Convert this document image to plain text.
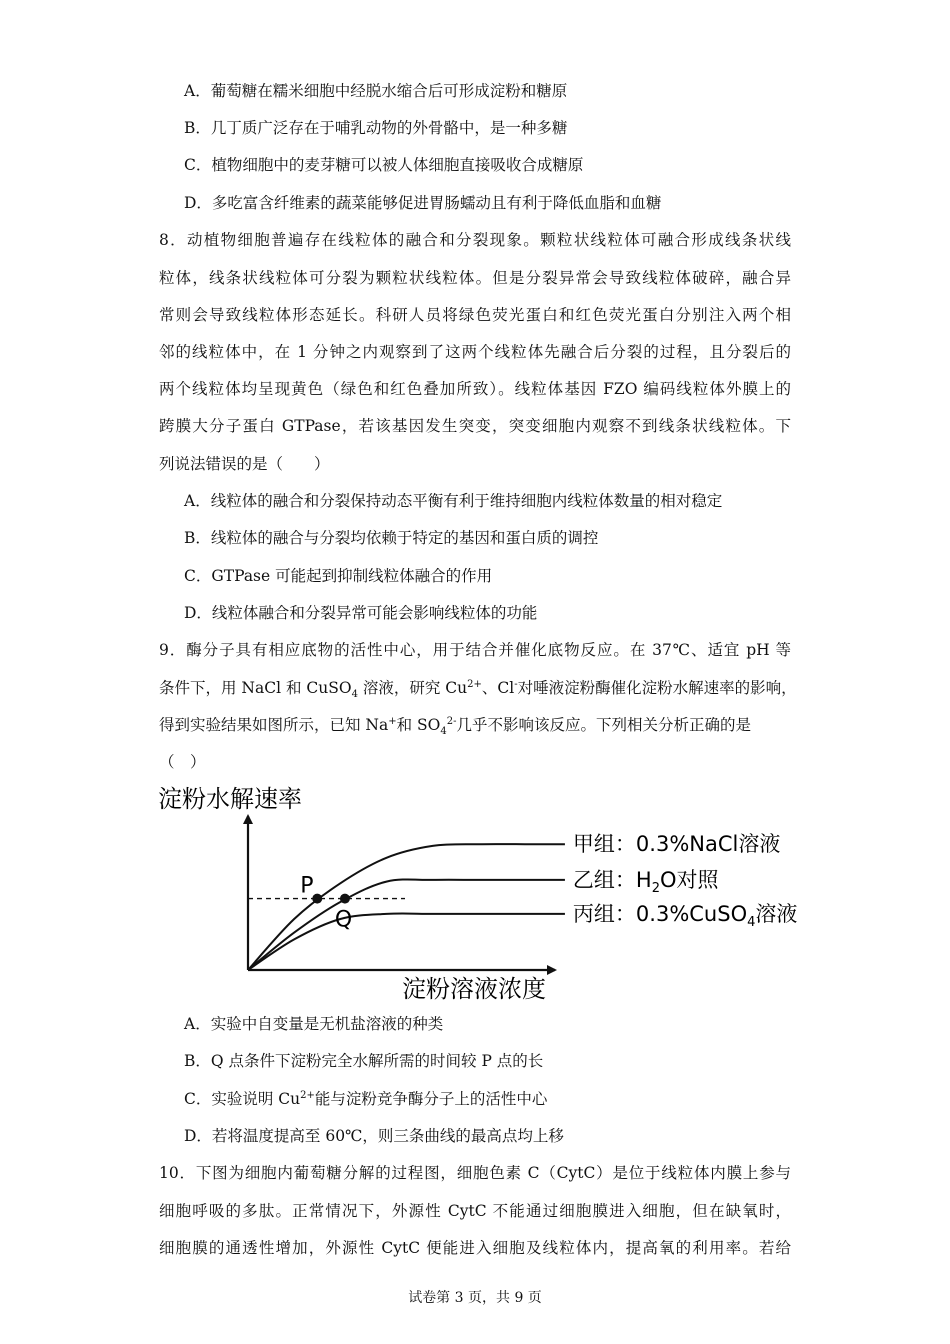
A．葡萄糖在糯米细胞中经脱水缩合后可形成淀粉和糖原
B．几丁质广泛存在于哺乳动物的外骨骼中，是一种多糖
C．植物细胞中的麦芽糖可以被人体细胞直接吸收合成糖原
D．多吃富含纤维素的蔬菜能够促进胃肠蠕动且有利于降低血脂和血糖
8．动植物细胞普遍存在线粒体的融合和分裂现象。颗粒状线粒体可融合形成线条状线
粒体，线条状线粒体可分裂为颗粒状线粒体。但是分裂异常会导致线粒体破碎，融合异
常则会导致线粒体形态延长。科研人员将绿色荧光蛋白和红色荧光蛋白分别注入两个相
邻的线粒体中，在 1 分钟之内观察到了这两个线粒体先融合后分裂的过程，且分裂后的
两个线粒体均呈现黄色（绿色和红色叠加所致）。线粒体基因 FZO 编码线粒体外膜上的
跨膜大分子蛋白 GTPase，若该基因发生突变，突变细胞内观察不到线条状线粒体。下
列说法错误的是（　　）
A．线粒体的融合和分裂保持动态平衡有利于维持细胞内线粒体数量的相对稳定
B．线粒体的融合与分裂均依赖于特定的基因和蛋白质的调控
C．GTPase 可能起到抑制线粒体融合的作用
D．线粒体融合和分裂异常可能会影响线粒体的功能
9．酶分子具有相应底物的活性中心，用于结合并催化底物反应。在 37℃、适宜 pH 等
条件下，用 NaCl 和 CuSO$_4$ 溶液，研究 $Cu^{2+}$、Cl-对唾液淀粉酶催化淀粉水解速率的影响，
得到实验结果如图所示，已知 Na+和 $SO_4^{2-}$几乎不影响该反应。下列相关分析正确的是
（　）
淀粉水解速率
淀粉溶液浓度
P
Q
甲组：0.3%NaCl溶液
乙组：$H_2O$对照
丙组：0.3%CuSO$_4$溶液
A．实验中自变量是无机盐溶液的种类
B．Q 点条件下淀粉完全水解所需的时间较 P 点的长
C．实验说明 $Cu^{2+}$能与淀粉竞争酶分子上的活性中心
D．若将温度提高至 60℃，则三条曲线的最高点均上移
10．下图为细胞内葡萄糖分解的过程图，细胞色素 C（CytC）是位于线粒体内膜上参与
细胞呼吸的多肽。正常情况下，外源性 CytC 不能通过细胞膜进入细胞，但在缺氧时，
细胞膜的通透性增加，外源性 CytC 便能进入细胞及线粒体内，提高氧的利用率。若给
试卷第 3 页，共 9 页
